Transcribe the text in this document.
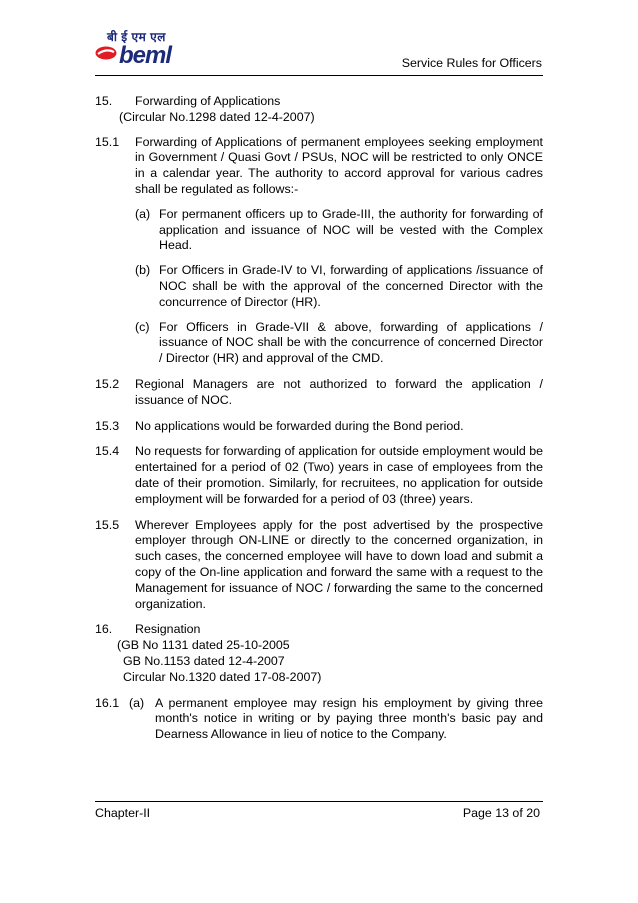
बी ई एम एल
beml	Service Rules for Officers
15. Forwarding of Applications
(Circular No.1298 dated 12-4-2007)
15.1 Forwarding of Applications of permanent employees seeking employment in Government / Quasi Govt / PSUs, NOC will be restricted to only ONCE in a calendar year. The authority to accord approval for various cadres shall be regulated as follows:-
(a) For permanent officers up to Grade-III, the authority for forwarding of application and issuance of NOC will be vested with the Complex Head.
(b) For Officers in Grade-IV to VI, forwarding of applications /issuance of NOC shall be with the approval of the concerned Director with the concurrence of Director (HR).
(c) For Officers in Grade-VII & above, forwarding of applications / issuance of NOC shall be with the concurrence of concerned Director / Director (HR) and approval of the CMD.
15.2 Regional Managers are not authorized to forward the application / issuance of NOC.
15.3 No applications would be forwarded during the Bond period.
15.4 No requests for forwarding of application for outside employment would be entertained for a period of 02 (Two) years in case of employees from the date of their promotion. Similarly, for recruitees, no application for outside employment will be forwarded for a period of 03 (three) years.
15.5 Wherever Employees apply for the post advertised by the prospective employer through ON-LINE or directly to the concerned organization, in such cases, the concerned employee will have to down load and submit a copy of the On-line application and forward the same with a request to the Management for issuance of NOC / forwarding the same to the concerned organization.
16. Resignation
(GB No 1131 dated 25-10-2005
GB No.1153 dated 12-4-2007
Circular No.1320 dated 17-08-2007)
16.1 (a) A permanent employee may resign his employment by giving three month's notice in writing or by paying three month's basic pay and Dearness Allowance in lieu of notice to the Company.
Chapter-II	Page 13 of 20
